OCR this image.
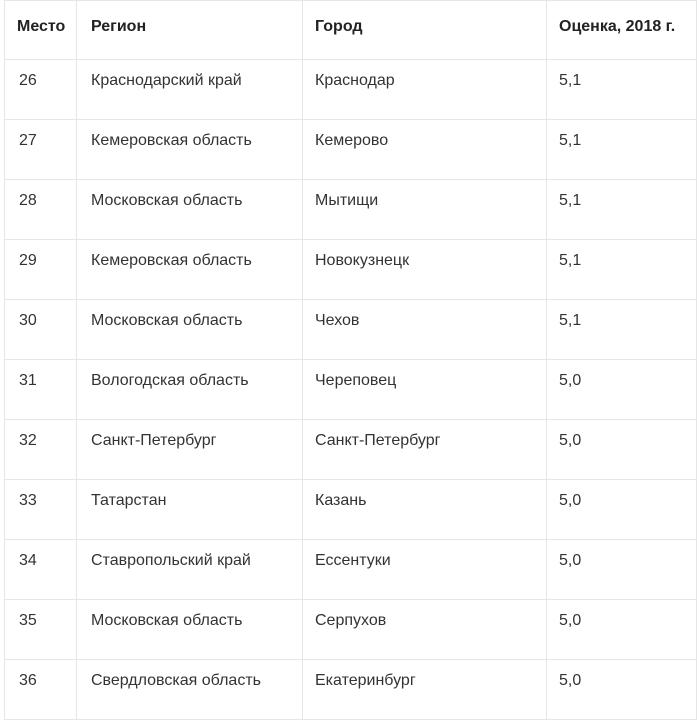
Место	Регион	Город	Оценка, 2018 г.
26	Краснодарский край	Краснодар	5,1
27	Кемеровская область	Кемерово	5,1
28	Московская область	Мытищи	5,1
29	Кемеровская область	Новокузнецк	5,1
30	Московская область	Чехов	5,1
31	Вологодская область	Череповец	5,0
32	Санкт-Петербург	Санкт-Петербург	5,0
33	Татарстан	Казань	5,0
34	Ставропольский край	Ессентуки	5,0
35	Московская область	Серпухов	5,0
36	Свердловская область	Екатеринбург	5,0
